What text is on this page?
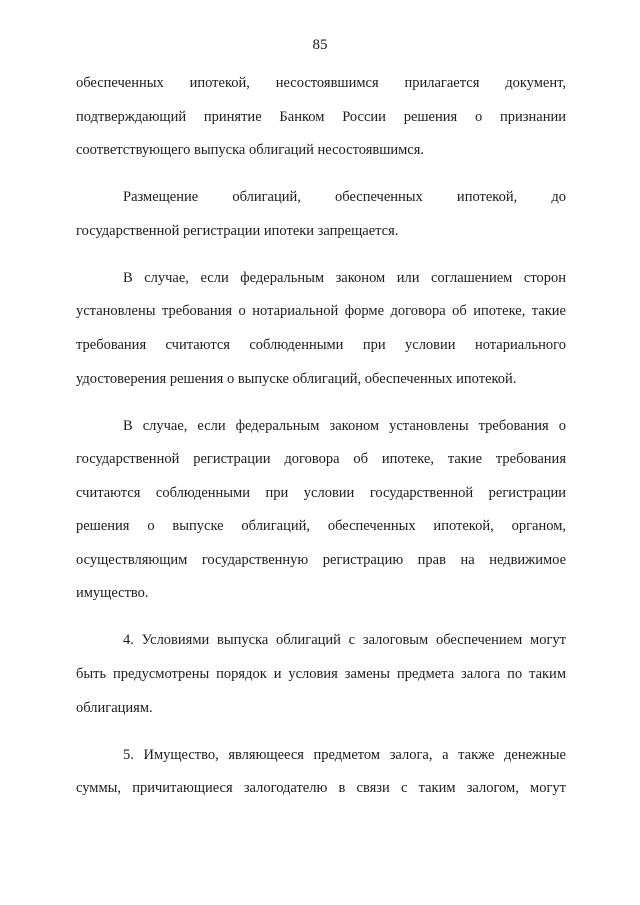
85
обеспеченных ипотекой, несостоявшимся прилагается документ,
подтверждающий принятие Банком России решения о признании
соответствующего выпуска облигаций несостоявшимся.
Размещение облигаций, обеспеченных ипотекой, до
государственной регистрации ипотеки запрещается.
В случае, если федеральным законом или соглашением сторон
установлены требования о нотариальной форме договора об ипотеке, такие
требования считаются соблюденными при условии нотариального
удостоверения решения о выпуске облигаций, обеспеченных ипотекой.
В случае, если федеральным законом установлены требования о
государственной регистрации договора об ипотеке, такие требования
считаются соблюденными при условии государственной регистрации
решения о выпуске облигаций, обеспеченных ипотекой, органом,
осуществляющим государственную регистрацию прав на недвижимое
имущество.
4. Условиями выпуска облигаций с залоговым обеспечением могут
быть предусмотрены порядок и условия замены предмета залога по таким
облигациям.
5. Имущество, являющееся предметом залога, а также денежные
суммы, причитающиеся залогодателю в связи с таким залогом, могут
